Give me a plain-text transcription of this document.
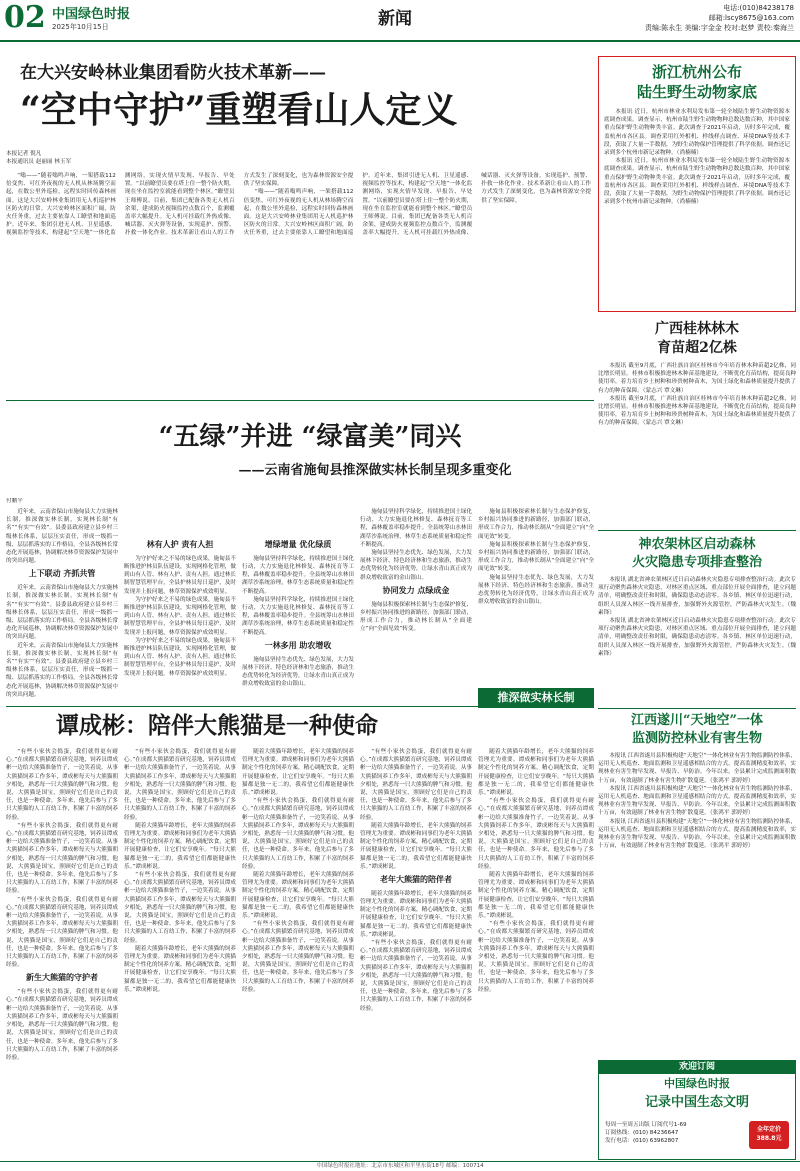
02 中国绿色时报
2025年10月15日	新闻
电话:(010)84238178
邮箱:lscy8675@163.com
责编:陈永生 美编:宇金金 校对:赵梦 责校:秦海兰
在大兴安岭林业集团看防火技术革新——
“空中守护”重塑看山人定义
本报记者 倪凡
本报通讯员 赵丽丽 林玉军

“嗡——”随着嗡鸣声响，一架搭载112倍变焦、可红外夜视的无人机从林场腾空而起，在数公里外巡检，远程实时回传森林画面。这是大兴安岭林业集团用无人机巡护林区防火的日常。大兴安岭林区面积广阔，防火任务重，过去主要依靠人工瞭望和地面巡护。近年来，集团引进无人机、卫星遥感、视频监控等技术，构建起“空天地”一体化监测网络，实现火情早发现、早报告、早处置。“以前瞭望员要在塔上住一整个防火期，现在坐在监控室就能看到整个林区。”瞭望员王师傅说。目前，集团已配备各类无人机百余架，建成防火视频监控点数百个，监测覆盖率大幅提升。无人机可挂载红外热成像、喊话器、灭火弹等设备，实现巡护、预警、扑救一体化作业。技术革新让看山人的工作方式发生了深刻变化，也为森林资源安全提供了坚实保障。

“嗡——”随着嗡鸣声响，一架搭载112倍变焦、可红外夜视的无人机从林场腾空而起，在数公里外巡检，远程实时回传森林画面。这是大兴安岭林业集团用无人机巡护林区防火的日常。大兴安岭林区面积广阔，防火任务重，过去主要依靠人工瞭望和地面巡护。近年来，集团引进无人机、卫星遥感、视频监控等技术，构建起“空天地”一体化监测网络，实现火情早发现、早报告、早处置。“以前瞭望员要在塔上住一整个防火期，现在坐在监控室就能看到整个林区。”瞭望员王师傅说。目前，集团已配备各类无人机百余架，建成防火视频监控点数百个，监测覆盖率大幅提升。无人机可挂载红外热成像、喊话器、灭火弹等设备，实现巡护、预警、扑救一体化作业。技术革新让看山人的工作方式发生了深刻变化，也为森林资源安全提供了坚实保障。

浙江杭州公布
陆生野生动物家底

本报讯 近日，杭州市林业水利局发布第一轮全域陆生野生动物资源本底调查成果。调查显示，杭州市陆生野生动物物种总数达数百种，其中国家重点保护野生动物种类丰富。此次调查于2021年启动，历时多年完成，覆盖杭州市各区县。调查采用红外相机、样线样点调查、环境DNA等技术手段，获取了大量一手数据，为野生动物保护管理提供了科学依据。调查还记录到多个杭州市新记录物种。（尚楠楠）

本报讯 近日，杭州市林业水利局发布第一轮全域陆生野生动物资源本底调查成果。调查显示，杭州市陆生野生动物物种总数达数百种，其中国家重点保护野生动物种类丰富。此次调查于2021年启动，历时多年完成，覆盖杭州市各区县。调查采用红外相机、样线样点调查、环境DNA等技术手段，获取了大量一手数据，为野生动物保护管理提供了科学依据。调查还记录到多个杭州市新记录物种。（尚楠楠）

广西桂林林木
育苗超2亿株

本报讯 截至9月底，广西壮族自治区桂林市今年培育林木种苗超2亿株，同比增长明显。桂林市积极推进林木种苗基地建设，不断优化育苗结构，提高良种使用率，着力培育乡土树种和珍贵树种苗木，为国土绿化和森林质量提升提供了有力的种苗保障。（蒙志兴 覃文琳）

本报讯 截至9月底，广西壮族自治区桂林市今年培育林木种苗超2亿株，同比增长明显。桂林市积极推进林木种苗基地建设，不断优化育苗结构，提高良种使用率，着力培育乡土树种和珍贵树种苗木，为国土绿化和森林质量提升提供了有力的种苗保障。（蒙志兴 覃文琳）

“五绿”并进 “绿富美”同兴
——云南省施甸县推深做实林长制呈现多重变化
付鹏平

近年来，云南省保山市施甸县大力实施林长制，推深做实林长制，实现林长制“有名”“有实”“有效”。县委县政府建立县乡村三级林长体系，层层压实责任，形成一级抓一级、层层抓落实的工作格局。全县各级林长常态化开展巡林，协调解决林草资源保护发展中的突出问题。

上下联动 齐抓共管

近年来，云南省保山市施甸县大力实施林长制，推深做实林长制，实现林长制“有名”“有实”“有效”。县委县政府建立县乡村三级林长体系，层层压实责任，形成一级抓一级、层层抓落实的工作格局。全县各级林长常态化开展巡林，协调解决林草资源保护发展中的突出问题。

近年来，云南省保山市施甸县大力实施林长制，推深做实林长制，实现林长制“有名”“有实”“有效”。县委县政府建立县乡村三级林长体系，层层压实责任，形成一级抓一级、层层抓落实的工作格局。全县各级林长常态化开展巡林，协调解决林草资源保护发展中的突出问题。

林有人护 责有人担

为守护好来之不易的绿色成果，施甸县不断推进护林员队伍建设，实现网格化管理，做到山有人管、林有人护、责有人担。通过林长制智慧管理平台，全县护林员每日巡护，及时发现并上报问题，林草资源保护成效明显。

为守护好来之不易的绿色成果，施甸县不断推进护林员队伍建设，实现网格化管理，做到山有人管、林有人护、责有人担。通过林长制智慧管理平台，全县护林员每日巡护，及时发现并上报问题，林草资源保护成效明显。

为守护好来之不易的绿色成果，施甸县不断推进护林员队伍建设，实现网格化管理，做到山有人管、林有人护、责有人担。通过林长制智慧管理平台，全县护林员每日巡护，及时发现并上报问题，林草资源保护成效明显。

增绿增量 优化绿质

施甸县坚持科学绿化，持续推进国土绿化行动，大力实施退化林修复、森林抚育等工程，森林覆盖率稳步提升。全县统筹山水林田湖草沙系统治理，林草生态系统质量和稳定性不断提高。

施甸县坚持科学绿化，持续推进国土绿化行动，大力实施退化林修复、森林抚育等工程，森林覆盖率稳步提升。全县统筹山水林田湖草沙系统治理，林草生态系统质量和稳定性不断提高。

一林多用 助农增收

施甸县坚持生态优先、绿色发展，大力发展林下经济、特色经济林和生态旅游，推动生态优势转化为经济优势，让绿水青山真正成为群众增收致富的金山银山。

施甸县坚持科学绿化，持续推进国土绿化行动，大力实施退化林修复、森林抚育等工程，森林覆盖率稳步提升。全县统筹山水林田湖草沙系统治理，林草生态系统质量和稳定性不断提高。

施甸县坚持生态优先、绿色发展，大力发展林下经济、特色经济林和生态旅游，推动生态优势转化为经济优势，让绿水青山真正成为群众增收致富的金山银山。

协同发力 点绿成金

施甸县积极探索林长制与生态保护修复、乡村振兴协同推进的新路径，加强部门联动，形成工作合力，推动林长制从“全面建立”向“全面见效”转变。

施甸县积极探索林长制与生态保护修复、乡村振兴协同推进的新路径，加强部门联动，形成工作合力，推动林长制从“全面建立”向“全面见效”转变。

施甸县积极探索林长制与生态保护修复、乡村振兴协同推进的新路径，加强部门联动，形成工作合力，推动林长制从“全面建立”向“全面见效”转变。

施甸县坚持生态优先、绿色发展，大力发展林下经济、特色经济林和生态旅游，推动生态优势转化为经济优势，让绿水青山真正成为群众增收致富的金山银山。

推深做实林长制
神农架林区启动森林
火灾隐患专项排查整治

本报讯 湖北省神农架林区近日启动森林火灾隐患专项排查整治行动。此次专项行动聚焦森林火灾隐患，对林区重点区域、重点部位开展全面排查，建立问题清单，明确整改责任和时限，确保隐患动态清零。各乡镇、林区单位迅速行动，组织人员深入林区一线开展排查，加强野外火源管控，严防森林火灾发生。（魏素锋）

本报讯 湖北省神农架林区近日启动森林火灾隐患专项排查整治行动。此次专项行动聚焦森林火灾隐患，对林区重点区域、重点部位开展全面排查，建立问题清单，明确整改责任和时限，确保隐患动态清零。各乡镇、林区单位迅速行动，组织人员深入林区一线开展排查，加强野外火源管控，严防森林火灾发生。（魏素锋）

江西遂川“天地空”一体
监测防控林业有害生物

本报讯 江西省遂川县积极构建“天地空”一体化林业有害生物监测防控体系，运用无人机巡查、地面监测和卫星遥感相结合的方式，提高监测精度和效率，实现林业有害生物早发现、早报告、早防治。今年以来，全县累计完成监测面积数十万亩，有效遏制了林业有害生物扩散蔓延。（张鸿平 郭婷婷）

本报讯 江西省遂川县积极构建“天地空”一体化林业有害生物监测防控体系，运用无人机巡查、地面监测和卫星遥感相结合的方式，提高监测精度和效率，实现林业有害生物早发现、早报告、早防治。今年以来，全县累计完成监测面积数十万亩，有效遏制了林业有害生物扩散蔓延。（张鸿平 郭婷婷）

本报讯 江西省遂川县积极构建“天地空”一体化林业有害生物监测防控体系，运用无人机巡查、地面监测和卫星遥感相结合的方式，提高监测精度和效率，实现林业有害生物早发现、早报告、早防治。今年以来，全县累计完成监测面积数十万亩，有效遏制了林业有害生物扩散蔓延。（张鸿平 郭婷婷）

谭成彬：陪伴大熊猫是一种使命

“有些小家伙会捣蛋，我们就得更有耐心。”在成都大熊猫繁育研究基地，饲养员谭成彬一边给大熊猫准备竹子，一边笑着说。从事大熊猫饲养工作多年，谭成彬每天与大熊猫朝夕相处，熟悉每一只大熊猫的脾气和习惯。他说，大熊猫是国宝，照顾好它们是自己的责任，也是一种使命。多年来，他先后参与了多只大熊猫的人工育幼工作，积累了丰富的饲养经验。

“有些小家伙会捣蛋，我们就得更有耐心。”在成都大熊猫繁育研究基地，饲养员谭成彬一边给大熊猫准备竹子，一边笑着说。从事大熊猫饲养工作多年，谭成彬每天与大熊猫朝夕相处，熟悉每一只大熊猫的脾气和习惯。他说，大熊猫是国宝，照顾好它们是自己的责任，也是一种使命。多年来，他先后参与了多只大熊猫的人工育幼工作，积累了丰富的饲养经验。

“有些小家伙会捣蛋，我们就得更有耐心。”在成都大熊猫繁育研究基地，饲养员谭成彬一边给大熊猫准备竹子，一边笑着说。从事大熊猫饲养工作多年，谭成彬每天与大熊猫朝夕相处，熟悉每一只大熊猫的脾气和习惯。他说，大熊猫是国宝，照顾好它们是自己的责任，也是一种使命。多年来，他先后参与了多只大熊猫的人工育幼工作，积累了丰富的饲养经验。

新生大熊猫的守护者

“有些小家伙会捣蛋，我们就得更有耐心。”在成都大熊猫繁育研究基地，饲养员谭成彬一边给大熊猫准备竹子，一边笑着说。从事大熊猫饲养工作多年，谭成彬每天与大熊猫朝夕相处，熟悉每一只大熊猫的脾气和习惯。他说，大熊猫是国宝，照顾好它们是自己的责任，也是一种使命。多年来，他先后参与了多只大熊猫的人工育幼工作，积累了丰富的饲养经验。

“有些小家伙会捣蛋，我们就得更有耐心。”在成都大熊猫繁育研究基地，饲养员谭成彬一边给大熊猫准备竹子，一边笑着说。从事大熊猫饲养工作多年，谭成彬每天与大熊猫朝夕相处，熟悉每一只大熊猫的脾气和习惯。他说，大熊猫是国宝，照顾好它们是自己的责任，也是一种使命。多年来，他先后参与了多只大熊猫的人工育幼工作，积累了丰富的饲养经验。

随着大熊猫年龄增长，老年大熊猫的饲养管理尤为重要。谭成彬和同事们为老年大熊猫制定个性化的饲养方案，精心调配饮食，定期开展健康检查，让它们安享晚年。“每只大熊猫都是独一无二的，我希望它们都能健康快乐。”谭成彬说。

“有些小家伙会捣蛋，我们就得更有耐心。”在成都大熊猫繁育研究基地，饲养员谭成彬一边给大熊猫准备竹子，一边笑着说。从事大熊猫饲养工作多年，谭成彬每天与大熊猫朝夕相处，熟悉每一只大熊猫的脾气和习惯。他说，大熊猫是国宝，照顾好它们是自己的责任，也是一种使命。多年来，他先后参与了多只大熊猫的人工育幼工作，积累了丰富的饲养经验。

随着大熊猫年龄增长，老年大熊猫的饲养管理尤为重要。谭成彬和同事们为老年大熊猫制定个性化的饲养方案，精心调配饮食，定期开展健康检查，让它们安享晚年。“每只大熊猫都是独一无二的，我希望它们都能健康快乐。”谭成彬说。

随着大熊猫年龄增长，老年大熊猫的饲养管理尤为重要。谭成彬和同事们为老年大熊猫制定个性化的饲养方案，精心调配饮食，定期开展健康检查，让它们安享晚年。“每只大熊猫都是独一无二的，我希望它们都能健康快乐。”谭成彬说。

“有些小家伙会捣蛋，我们就得更有耐心。”在成都大熊猫繁育研究基地，饲养员谭成彬一边给大熊猫准备竹子，一边笑着说。从事大熊猫饲养工作多年，谭成彬每天与大熊猫朝夕相处，熟悉每一只大熊猫的脾气和习惯。他说，大熊猫是国宝，照顾好它们是自己的责任，也是一种使命。多年来，他先后参与了多只大熊猫的人工育幼工作，积累了丰富的饲养经验。

随着大熊猫年龄增长，老年大熊猫的饲养管理尤为重要。谭成彬和同事们为老年大熊猫制定个性化的饲养方案，精心调配饮食，定期开展健康检查，让它们安享晚年。“每只大熊猫都是独一无二的，我希望它们都能健康快乐。”谭成彬说。

“有些小家伙会捣蛋，我们就得更有耐心。”在成都大熊猫繁育研究基地，饲养员谭成彬一边给大熊猫准备竹子，一边笑着说。从事大熊猫饲养工作多年，谭成彬每天与大熊猫朝夕相处，熟悉每一只大熊猫的脾气和习惯。他说，大熊猫是国宝，照顾好它们是自己的责任，也是一种使命。多年来，他先后参与了多只大熊猫的人工育幼工作，积累了丰富的饲养经验。

“有些小家伙会捣蛋，我们就得更有耐心。”在成都大熊猫繁育研究基地，饲养员谭成彬一边给大熊猫准备竹子，一边笑着说。从事大熊猫饲养工作多年，谭成彬每天与大熊猫朝夕相处，熟悉每一只大熊猫的脾气和习惯。他说，大熊猫是国宝，照顾好它们是自己的责任，也是一种使命。多年来，他先后参与了多只大熊猫的人工育幼工作，积累了丰富的饲养经验。

随着大熊猫年龄增长，老年大熊猫的饲养管理尤为重要。谭成彬和同事们为老年大熊猫制定个性化的饲养方案，精心调配饮食，定期开展健康检查，让它们安享晚年。“每只大熊猫都是独一无二的，我希望它们都能健康快乐。”谭成彬说。

老年大熊猫的陪伴者

随着大熊猫年龄增长，老年大熊猫的饲养管理尤为重要。谭成彬和同事们为老年大熊猫制定个性化的饲养方案，精心调配饮食，定期开展健康检查，让它们安享晚年。“每只大熊猫都是独一无二的，我希望它们都能健康快乐。”谭成彬说。

“有些小家伙会捣蛋，我们就得更有耐心。”在成都大熊猫繁育研究基地，饲养员谭成彬一边给大熊猫准备竹子，一边笑着说。从事大熊猫饲养工作多年，谭成彬每天与大熊猫朝夕相处，熟悉每一只大熊猫的脾气和习惯。他说，大熊猫是国宝，照顾好它们是自己的责任，也是一种使命。多年来，他先后参与了多只大熊猫的人工育幼工作，积累了丰富的饲养经验。

随着大熊猫年龄增长，老年大熊猫的饲养管理尤为重要。谭成彬和同事们为老年大熊猫制定个性化的饲养方案，精心调配饮食，定期开展健康检查，让它们安享晚年。“每只大熊猫都是独一无二的，我希望它们都能健康快乐。”谭成彬说。

“有些小家伙会捣蛋，我们就得更有耐心。”在成都大熊猫繁育研究基地，饲养员谭成彬一边给大熊猫准备竹子，一边笑着说。从事大熊猫饲养工作多年，谭成彬每天与大熊猫朝夕相处，熟悉每一只大熊猫的脾气和习惯。他说，大熊猫是国宝，照顾好它们是自己的责任，也是一种使命。多年来，他先后参与了多只大熊猫的人工育幼工作，积累了丰富的饲养经验。

随着大熊猫年龄增长，老年大熊猫的饲养管理尤为重要。谭成彬和同事们为老年大熊猫制定个性化的饲养方案，精心调配饮食，定期开展健康检查，让它们安享晚年。“每只大熊猫都是独一无二的，我希望它们都能健康快乐。”谭成彬说。

“有些小家伙会捣蛋，我们就得更有耐心。”在成都大熊猫繁育研究基地，饲养员谭成彬一边给大熊猫准备竹子，一边笑着说。从事大熊猫饲养工作多年，谭成彬每天与大熊猫朝夕相处，熟悉每一只大熊猫的脾气和习惯。他说，大熊猫是国宝，照顾好它们是自己的责任，也是一种使命。多年来，他先后参与了多只大熊猫的人工育幼工作，积累了丰富的饲养经验。

欢迎订阅
中国绿色时报
记录中国生态文明
每周一至周五出版 订阅代号1-69
订阅热线：(010) 84236647
发行电话：(010) 63962807
全年定价 388.8元
中国绿色时报社地址：北京市东城区和平里东街18号 邮编：100714
